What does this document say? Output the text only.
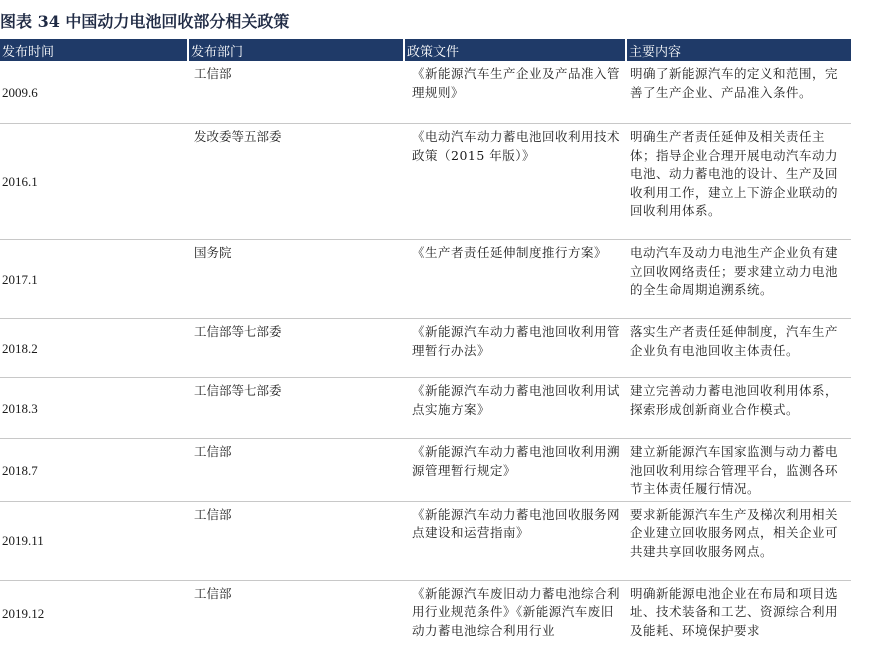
图表 34 中国动力电池回收部分相关政策
发布时间	发布部门	政策文件	主要内容
2009.6	工信部	《新能源汽车生产企业及产品准入管理规则》	明确了新能源汽车的定义和范围，完善了生产企业、产品准入条件。
2016.1	发改委等五部委	《电动汽车动力蓄电池回收利用技术政策（2015 年版）》	明确生产者责任延伸及相关责任主体；指导企业合理开展电动汽车动力电池、动力蓄电池的设计、生产及回收利用工作，建立上下游企业联动的回收利用体系。
2017.1	国务院	《生产者责任延伸制度推行方案》	电动汽车及动力电池生产企业负有建立回收网络责任；要求建立动力电池的全生命周期追溯系统。
2018.2	工信部等七部委	《新能源汽车动力蓄电池回收利用管理暂行办法》	落实生产者责任延伸制度，汽车生产企业负有电池回收主体责任。
2018.3	工信部等七部委	《新能源汽车动力蓄电池回收利用试点实施方案》	建立完善动力蓄电池回收利用体系，探索形成创新商业合作模式。
2018.7	工信部	《新能源汽车动力蓄电池回收利用溯源管理暂行规定》	建立新能源汽车国家监测与动力蓄电池回收利用综合管理平台，监测各环节主体责任履行情况。
2019.11	工信部	《新能源汽车动力蓄电池回收服务网点建设和运营指南》	要求新能源汽车生产及梯次利用相关企业建立回收服务网点，相关企业可共建共享回收服务网点。
2019.12	工信部	《新能源汽车废旧动力蓄电池综合利用行业规范条件》《新能源汽车废旧动力蓄电池综合利用行业	明确新能源电池企业在布局和项目选址、技术装备和工艺、资源综合利用及能耗、环境保护要求
